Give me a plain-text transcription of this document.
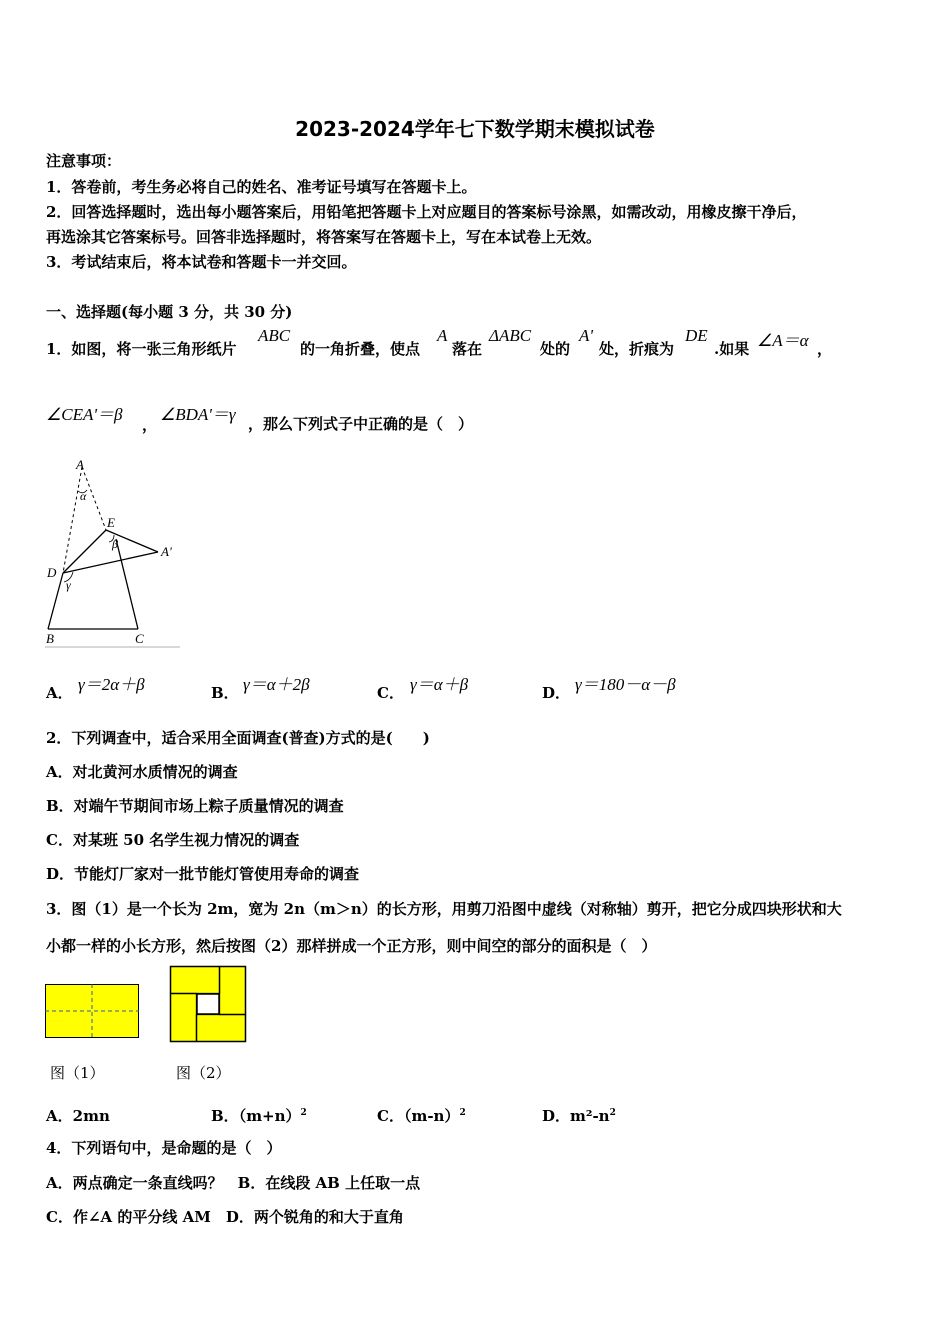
2023-2024学年七下数学期末模拟试卷
注意事项：
1．答卷前，考生务必将自己的姓名、准考证号填写在答题卡上。
2．回答选择题时，选出每小题答案后，用铅笔把答题卡上对应题目的答案标号涂黑，如需改动，用橡皮擦干净后，
再选涂其它答案标号。回答非选择题时，将答案写在答题卡上，写在本试卷上无效。
3．考试结束后，将本试卷和答题卡一并交回。
一、选择题(每小题 3 分，共 30 分)
1．如图，将一张三角形纸片
ABC
的一角折叠，使点
A
落在
ΔABC
处的
A'
处，折痕为
DE
.如果 ∠A＝α ，
∠CEA'＝β
，
∠BDA'＝γ ，那么下列式子中正确的是（　）
A
α
E
β	A'
D
γ
B	C
A． γ＝2α＋β	B． γ＝α＋2β	C． γ＝α＋β	D． γ＝180－α－β
2．下列调查中，适合采用全面调查(普查)方式的是(　　)
A．对北黄河水质情况的调查
B．对端午节期间市场上粽子质量情况的调查
C．对某班 50 名学生视力情况的调查
D．节能灯厂家对一批节能灯管使用寿命的调查
3．图（1）是一个长为 2m，宽为 2n（m＞n）的长方形，用剪刀沿图中虚线（对称轴）剪开，把它分成四块形状和大
小都一样的小长方形，然后按图（2）那样拼成一个正方形，则中间空的部分的面积是（　）
图（1）	图（2）
A．2mn	B．$(m+n)^2$	C．$(m-n)^2$	D．$m^2-n^2$
4．下列语句中，是命题的是（　）
A．两点确定一条直线吗？　B．在线段 AB 上任取一点
C．作∠A 的平分线 AM　D．两个锐角的和大于直角
